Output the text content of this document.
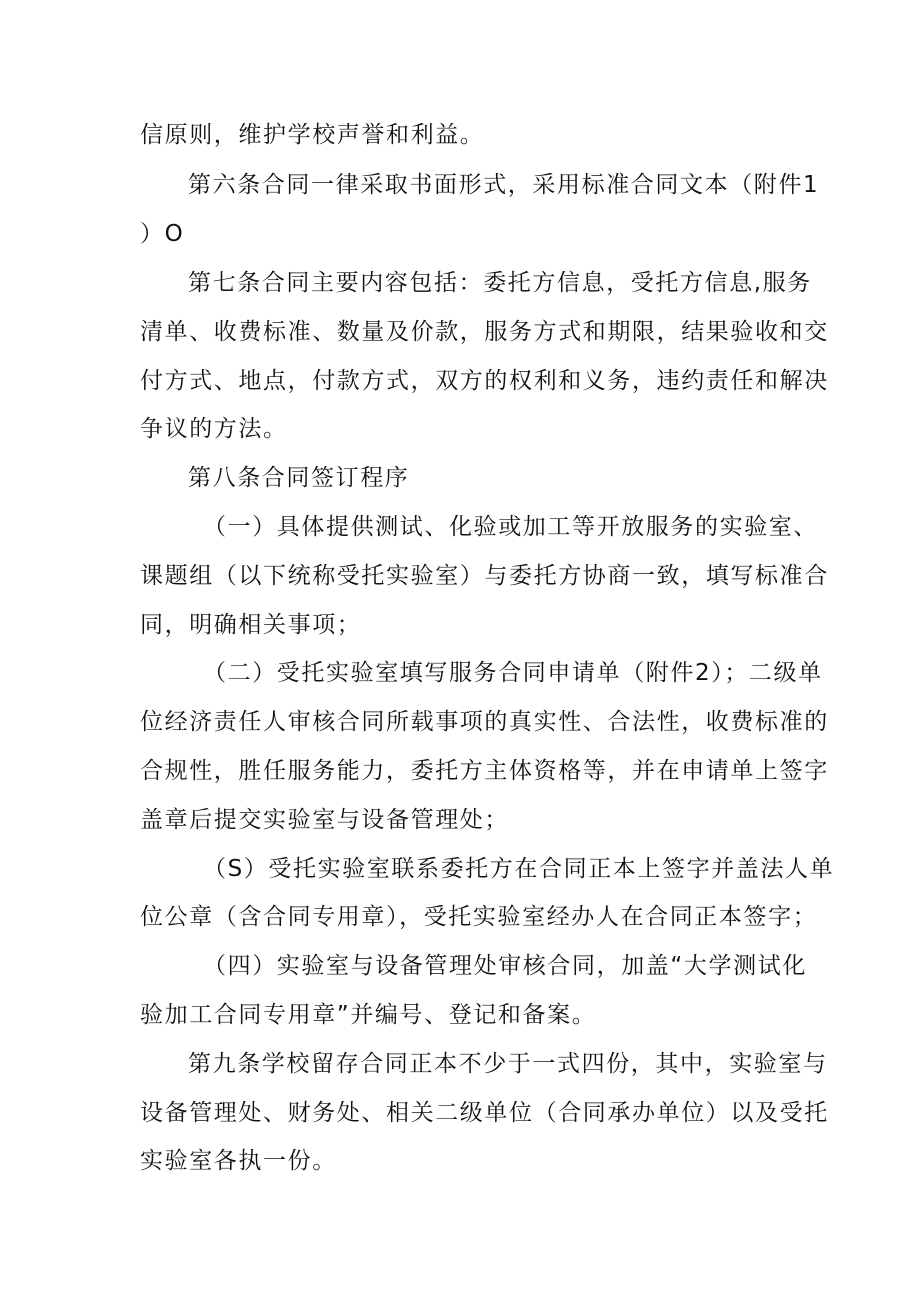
信原则，维护学校声誉和利益。
第六条合同一律采取书面形式，采用标准合同文本（附件1
）O
第七条合同主要内容包括：委托方信息，受托方信息,服务
清单、收费标准、数量及价款，服务方式和期限，结果验收和交
付方式、地点，付款方式，双方的权利和义务，违约责任和解决
争议的方法。
第八条合同签订程序
（一）具体提供测试、化验或加工等开放服务的实验室、
课题组（以下统称受托实验室）与委托方协商一致，填写标准合
同，明确相关事项；
（二）受托实验室填写服务合同申请单（附件2）；二级单
位经济责任人审核合同所载事项的真实性、合法性，收费标准的
合规性，胜任服务能力，委托方主体资格等，并在申请单上签字
盖章后提交实验室与设备管理处；
（S）受托实验室联系委托方在合同正本上签字并盖法人单
位公章（含合同专用章），受托实验室经办人在合同正本签字；
（四）实验室与设备管理处审核合同，加盖“大学测试化
验加工合同专用章”并编号、登记和备案。
第九条学校留存合同正本不少于一式四份，其中，实验室与
设备管理处、财务处、相关二级单位（合同承办单位）以及受托
实验室各执一份。
